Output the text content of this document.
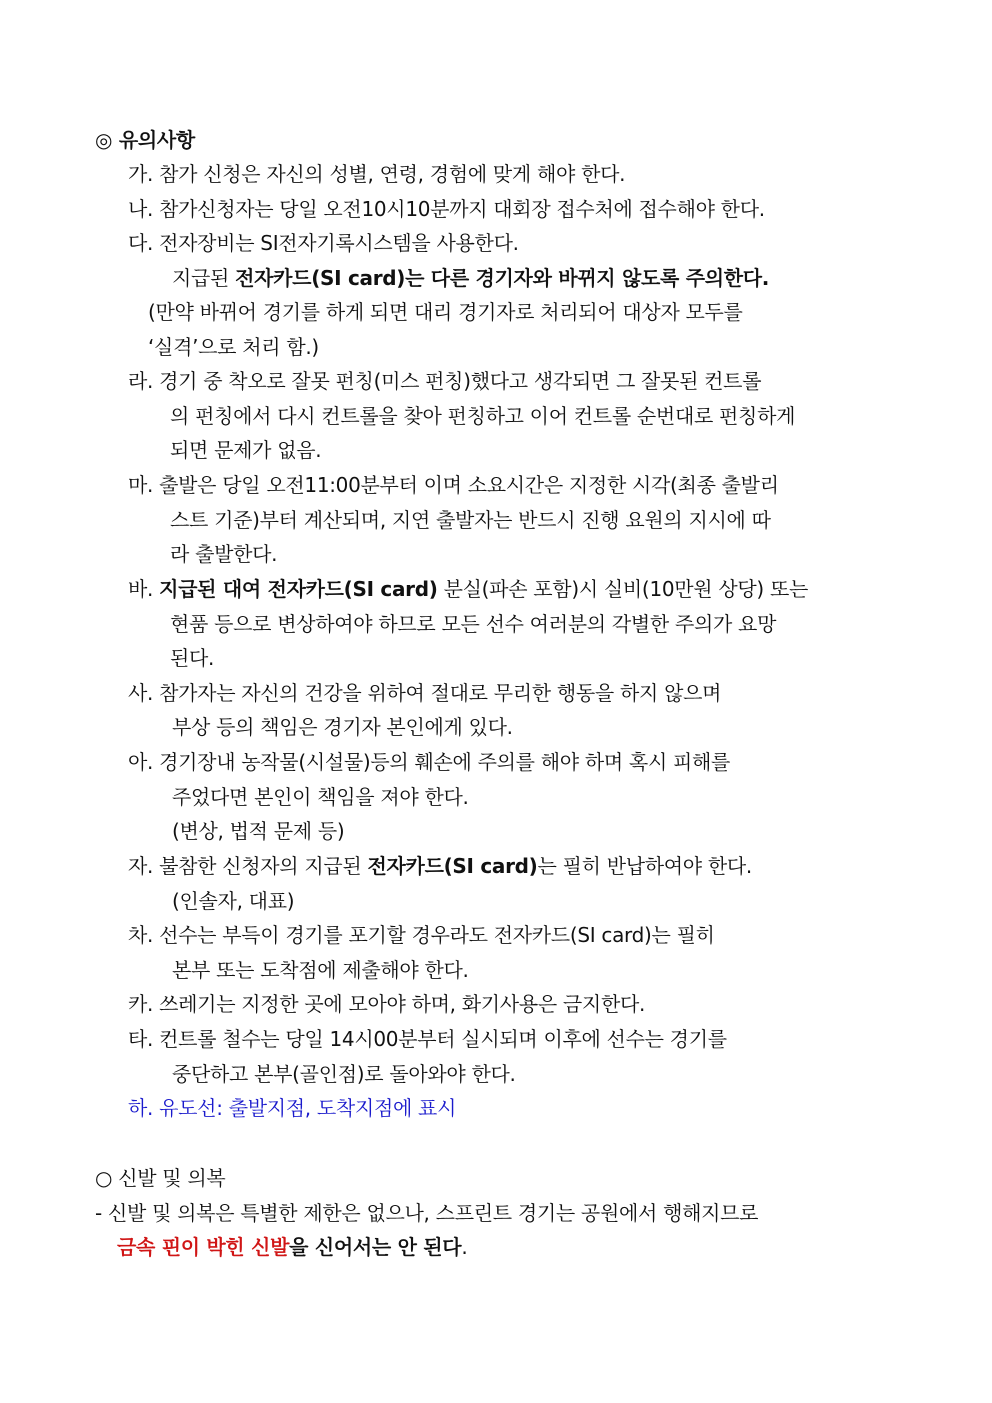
◎ 유의사항
가. 참가 신청은 자신의 성별, 연령, 경험에 맞게 해야 한다.
나. 참가신청자는 당일 오전10시10분까지 대회장 접수처에 접수해야 한다.
다. 전자장비는 SI전자기록시스템을 사용한다.
지급된 전자카드(SI card)는 다른 경기자와 바뀌지 않도록 주의한다.
(만약 바뀌어 경기를 하게 되면 대리 경기자로 처리되어 대상자 모두를
‘실격’으로 처리 함.)
라. 경기 중 착오로 잘못 펀칭(미스 펀칭)했다고 생각되면 그 잘못된 컨트롤
의 펀칭에서 다시 컨트롤을 찾아 펀칭하고 이어 컨트롤 순번대로 펀칭하게
되면 문제가 없음.
마. 출발은 당일 오전11:00분부터 이며 소요시간은 지정한 시각(최종 출발리
스트 기준)부터 계산되며, 지연 출발자는 반드시 진행 요원의 지시에 따
라 출발한다.
바. 지급된 대여 전자카드(SI card) 분실(파손 포함)시 실비(10만원 상당) 또는
현품 등으로 변상하여야 하므로 모든 선수 여러분의 각별한 주의가 요망
된다.
사. 참가자는 자신의 건강을 위하여 절대로 무리한 행동을 하지 않으며
부상 등의 책임은 경기자 본인에게 있다.
아. 경기장내 농작물(시설물)등의 훼손에 주의를 해야 하며 혹시 피해를
주었다면 본인이 책임을 져야 한다.
(변상, 법적 문제 등)
자. 불참한 신청자의 지급된 전자카드(SI card)는 필히 반납하여야 한다.
(인솔자, 대표)
차. 선수는 부득이 경기를 포기할 경우라도 전자카드(SI card)는 필히
본부 또는 도착점에 제출해야 한다.
카. 쓰레기는 지정한 곳에 모아야 하며, 화기사용은 금지한다.
타. 컨트롤 철수는 당일 14시00분부터 실시되며 이후에 선수는 경기를
중단하고 본부(골인점)로 돌아와야 한다.
하. 유도선: 출발지점, 도착지점에 표시
○ 신발 및 의복
- 신발 및 의복은 특별한 제한은 없으나, 스프린트 경기는 공원에서 행해지므로
금속 핀이 박힌 신발을 신어서는 안 된다.
